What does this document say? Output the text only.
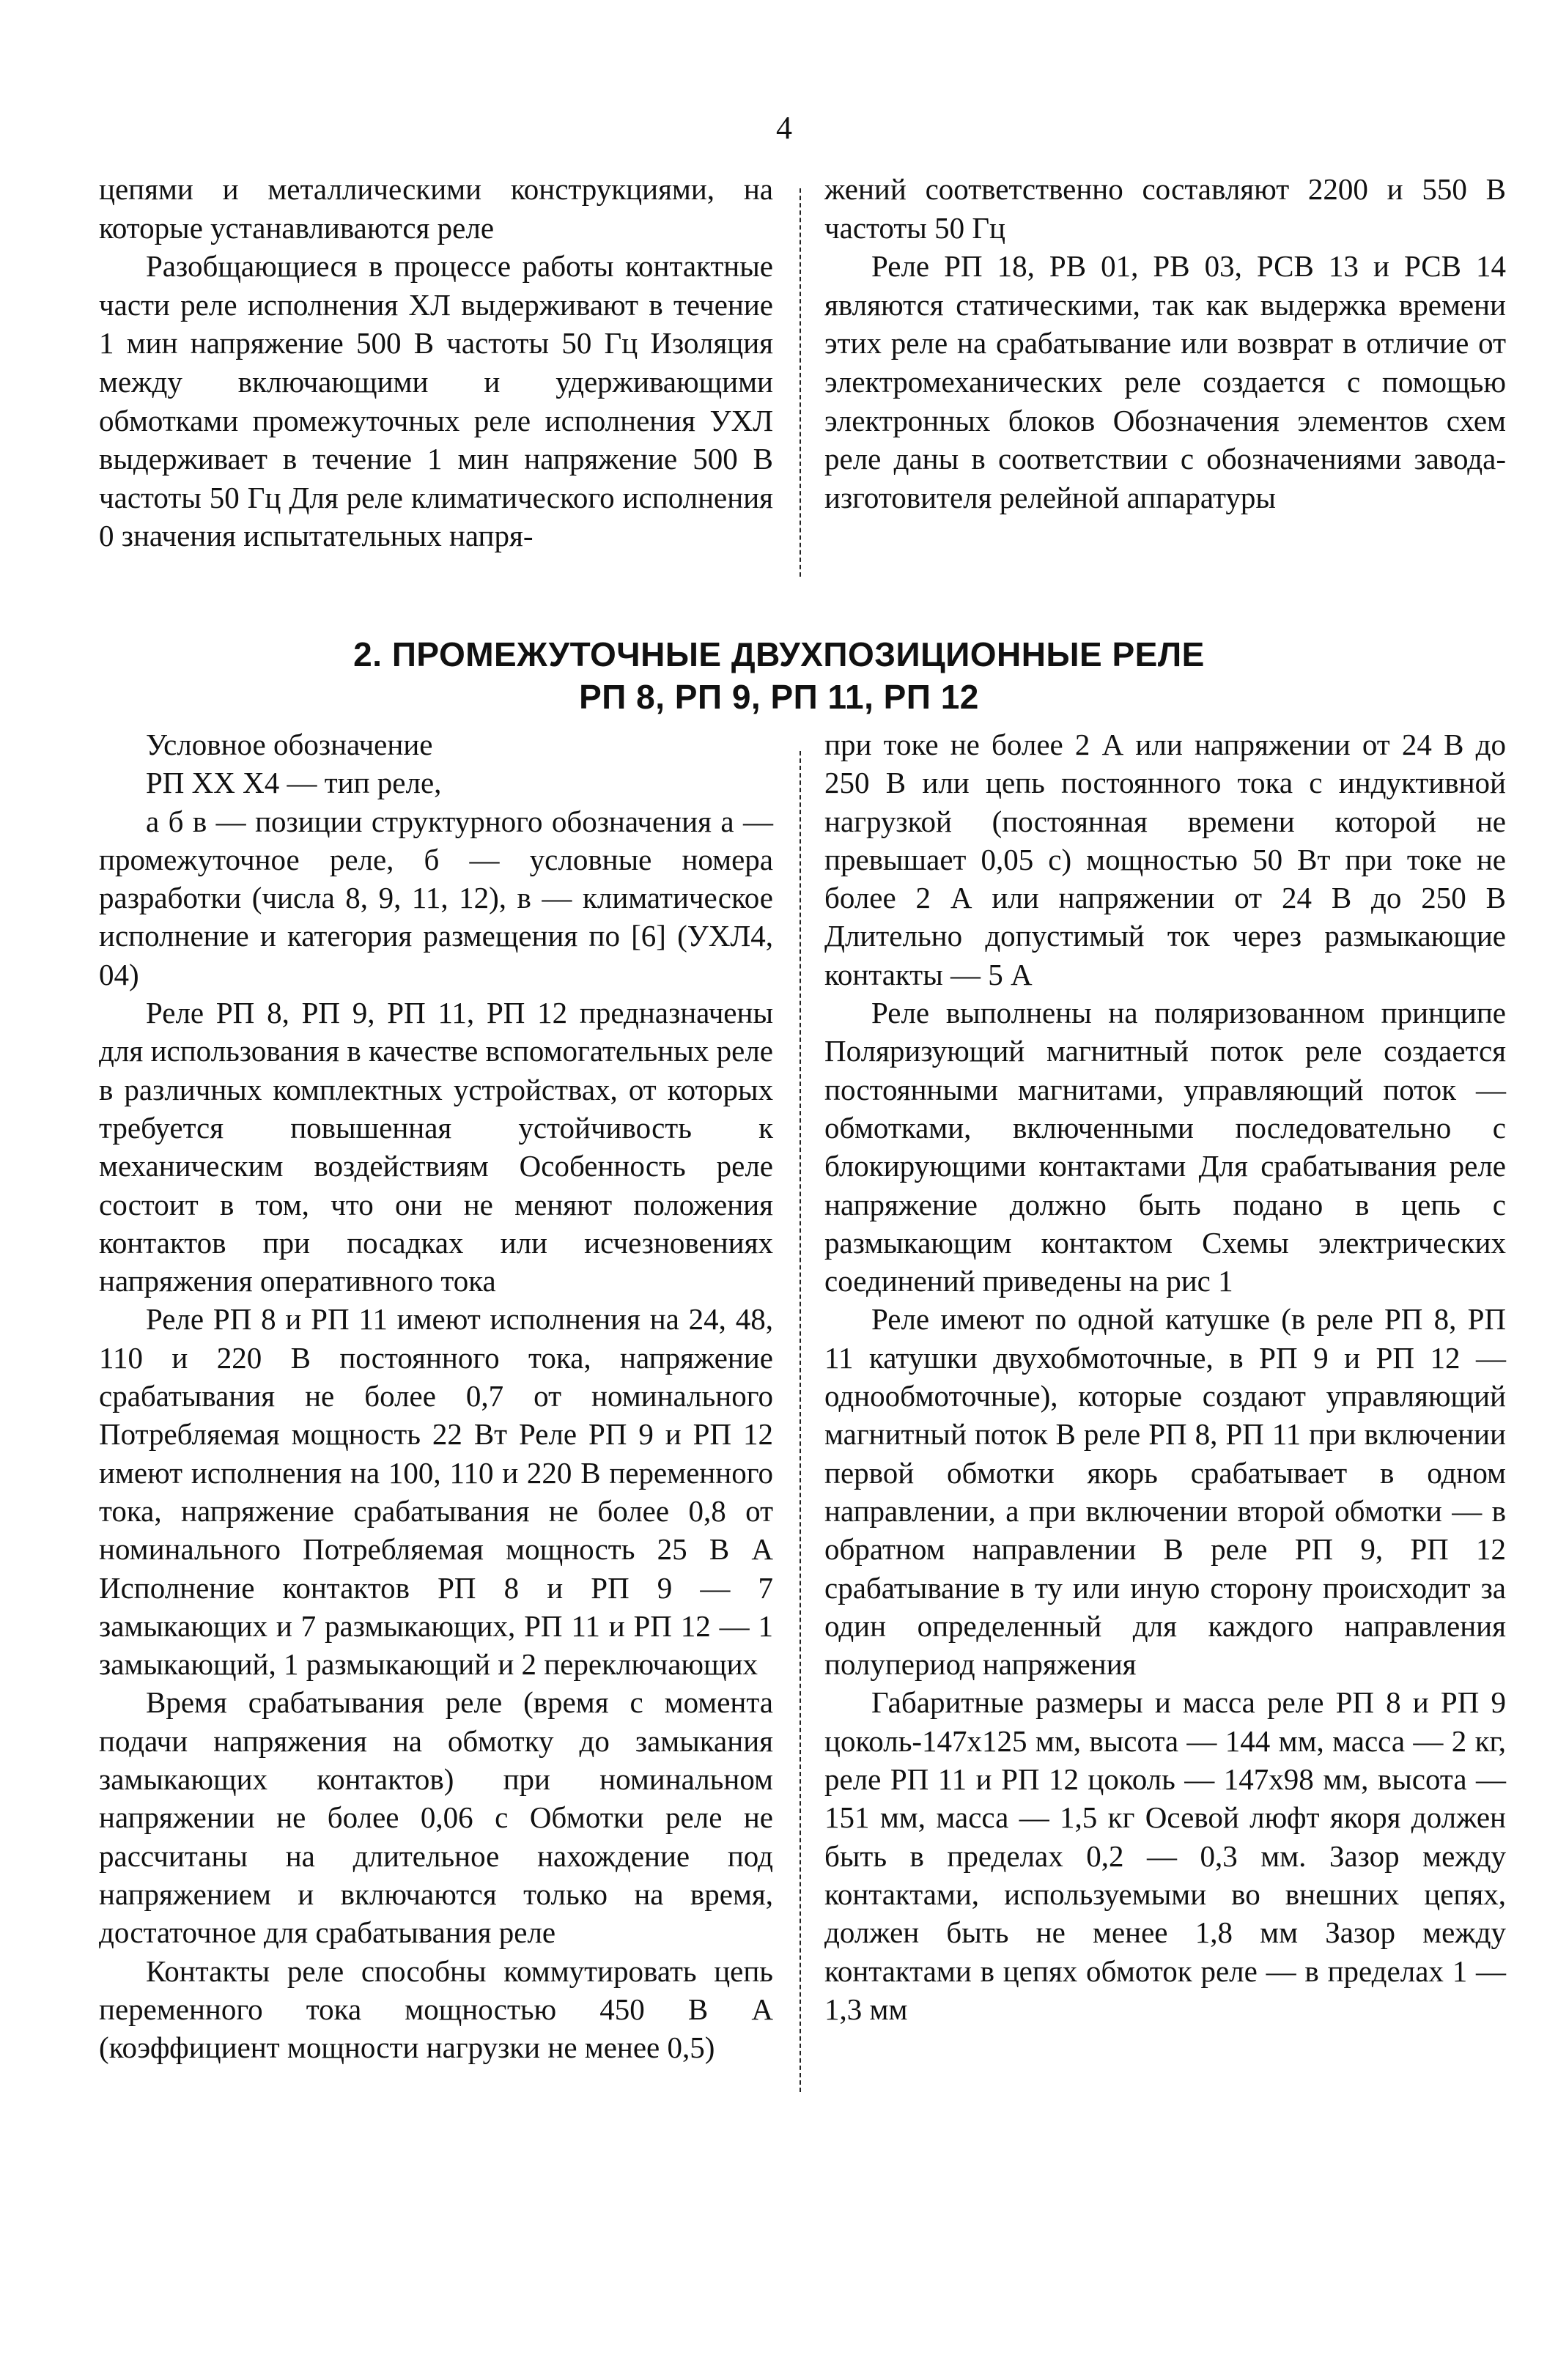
4

цепями и металлическими конструкциями, на которые устанавливаются реле

Разобщающиеся в процессе работы контактные части реле исполнения ХЛ выдерживают в течение 1 мин напряжение 500 В частоты 50 Гц Изоляция между включающими и удерживающими обмотками промежуточных реле исполнения УХЛ выдерживает в течение 1 мин напряжение 500 В частоты 50 Гц Для реле климатического исполнения 0 значения испытательных напря-

жений соответственно составляют 2200 и 550 В частоты 50 Гц

Реле РП 18, РВ 01, РВ 03, РСВ 13 и РСВ 14 являются статическими, так как выдержка времени этих реле на срабатывание или возврат в отличие от электромеханических реле создается с помощью электронных блоков Обозначения элементов схем реле даны в соответствии с обозначениями завода-изготовителя релейной аппаратуры

2. ПРОМЕЖУТОЧНЫЕ ДВУХПОЗИЦИОННЫЕ РЕЛЕ
РП 8, РП 9, РП 11, РП 12

Условное обозначение

РП ХХ Х4 — тип реле,

а б в — позиции структурного обозначения а —промежуточное реле, б — условные номера разработки (числа 8, 9, 11, 12), в — климатическое исполнение и категория размещения по [6] (УХЛ4, 04)

Реле РП 8, РП 9, РП 11, РП 12 предназначены для использования в качестве вспомогательных реле в различных комплектных устройствах, от которых требуется повышенная устойчивость к механическим воздействиям Особенность реле состоит в том, что они не меняют положения контактов при посадках или исчезновениях напряжения оперативного тока

Реле РП 8 и РП 11 имеют исполнения на 24, 48, 110 и 220 В постоянного тока, напряжение срабатывания не более 0,7 от номинального Потребляемая мощность 22 Вт Реле РП 9 и РП 12 имеют исполнения на 100, 110 и 220 В переменного тока, напряжение срабатывания не более 0,8 от номинального Потребляемая мощность 25 В А Исполнение контактов РП 8 и РП 9 — 7 замыкающих и 7 размыкающих, РП 11 и РП 12 — 1 замыкающий, 1 размыкающий и 2 переключающих

Время срабатывания реле (время с момента подачи напряжения на обмотку до замыкания замыкающих контактов) при номинальном напряжении не более 0,06 с Обмотки реле не рассчитаны на длительное нахождение под напряжением и включаются только на время, достаточное для срабатывания реле

Контакты реле способны коммутировать цепь переменного тока мощностью 450 В А (коэффициент мощности нагрузки не менее 0,5)

при токе не более 2 А или напряжении от 24 В до 250 В или цепь постоянного тока с индуктивной нагрузкой (постоянная времени которой не превышает 0,05 с) мощностью 50 Вт при токе не более 2 А или напряжении от 24 В до 250 В Длительно допустимый ток через размыкающие контакты — 5 А

Реле выполнены на поляризованном принципе Поляризующий магнитный поток реле создается постоянными магнитами, управляющий поток — обмотками, включенными последовательно с блокирующими контактами Для срабатывания реле напряжение должно быть подано в цепь с размыкающим контактом Схемы электрических соединений приведены на рис 1

Реле имеют по одной катушке (в реле РП 8, РП 11 катушки двухобмоточные, в РП 9 и РП 12 — однообмоточные), которые создают управляющий магнитный поток В реле РП 8, РП 11 при включении первой обмотки якорь срабатывает в одном направлении, а при включении второй обмотки — в обратном направлении В реле РП 9, РП 12 срабатывание в ту или иную сторону происходит за один определенный для каждого направления полупериод напряжения

Габаритные размеры и масса реле РП 8 и РП 9 цоколь-147х125 мм, высота — 144 мм, масса — 2 кг, реле РП 11 и РП 12 цоколь — 147х98 мм, высота — 151 мм, масса — 1,5 кг Осевой люфт якоря должен быть в пределах 0,2 — 0,3 мм. Зазор между контактами, используемыми во внешних цепях, должен быть не менее 1,8 мм Зазор между контактами в цепях обмоток реле — в пределах 1 — 1,3 мм
